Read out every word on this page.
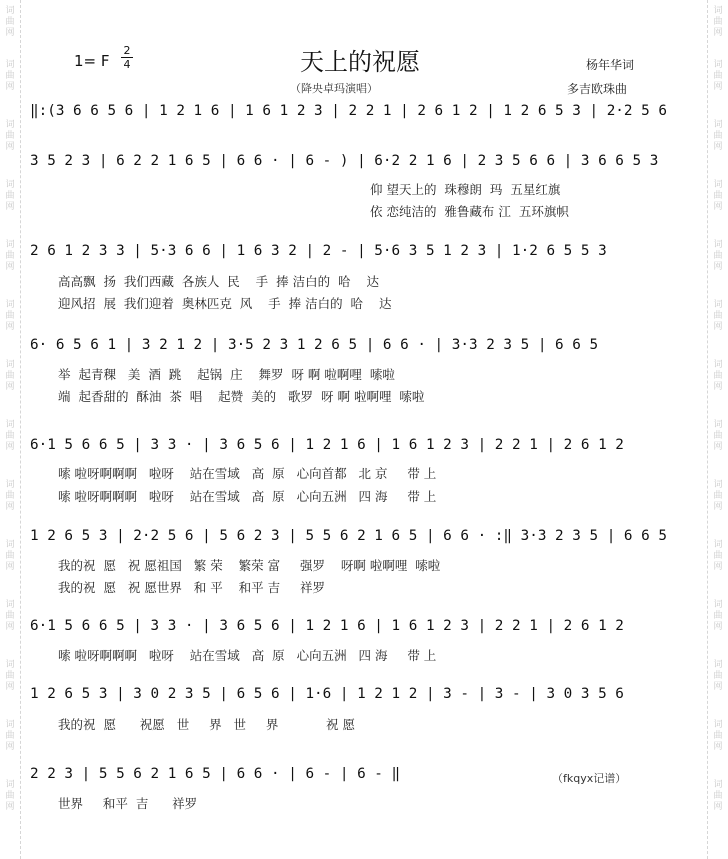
词
曲
网
词
曲
网
词
曲
网
词
曲
网
词
曲
网
词
曲
网
词
曲
网
词
曲
网
词
曲
网
词
曲
网
词
曲
网
词
曲
网
词
曲
网
词
曲
网
词
曲
网
词
曲
网
词
曲
网
词
曲
网
词
曲
网
词
曲
网
词
曲
网
词
曲
网
词
曲
网
词
曲
网
词
曲
网
词
曲
网
词
曲
网
词
曲
网
1= F
2
4	天上的祝愿
（降央卓玛演唱）
杨年华词
多吉欧珠曲
‖:(3 6 6 5 6 | 1 2 1 6 | 1 6 1 2 3 | 2 2 1 | 2 6 1 2 | 1 2 6 5 3 | 2·2 5 6
3 5 2 3 | 6 2 2 1 6 5 | 6 6 · | 6 - ) | 6·2 2 1 6 | 2 3 5 6 6 | 3 6 6 5 3
仰 望天上的  珠穆朗  玛  五星红旗
依 恋纯洁的  雅鲁藏布 江  五环旗帜
2 6 1 2 3 3 | 5·3 6 6 | 1 6 3 2 | 2 - | 5·6 3 5 1 2 3 | 1·2 6 5 5 3
高高飘  扬  我们西藏  各族人  民    手  捧 洁白的  哈    达
迎风招  展  我们迎着  奥林匹克  风    手  捧 洁白的  哈    达
6· 6 5 6 1 | 3 2 1 2 | 3·5 2 3 1 2 6 5 | 6 6 · | 3·3 2 3 5 | 6 6 5
举  起青稞   美  酒  跳    起锅  庄    舞罗  呀 啊 啦啊哩  嗦啦
端  起香甜的  酥油  茶  唱    起赞  美的   歌罗  呀 啊 啦啊哩  嗦啦
6·1 5 6 6 5 | 3 3 · | 3 6 5 6 | 1 2 1 6 | 1 6 1 2 3 | 2 2 1 | 2 6 1 2
嗦 啦呀啊啊啊   啦呀    站在雪域   高  原   心向首都   北 京     带 上
嗦 啦呀啊啊啊   啦呀    站在雪域   高  原   心向五洲   四 海     带 上
1 2 6 5 3 | 2·2 5 6 | 5 6 2 3 | 5 5 6 2 1 6 5 | 6 6 · :‖ 3·3 2 3 5 | 6 6 5
我的祝  愿   祝 愿祖国   繁 荣    繁荣 富     强罗    呀啊 啦啊哩  嗦啦
我的祝  愿   祝 愿世界   和 平    和平 吉     祥罗
6·1 5 6 6 5 | 3 3 · | 3 6 5 6 | 1 2 1 6 | 1 6 1 2 3 | 2 2 1 | 2 6 1 2
嗦 啦呀啊啊啊   啦呀    站在雪域   高  原   心向五洲   四 海     带 上
1 2 6 5 3 | 3 0 2 3 5 | 6 5 6 | 1·6 | 1 2 1 2 | 3 - | 3 - | 3 0 3 5 6
我的祝  愿      祝愿   世     界   世     界            祝 愿
2 2 3 | 5 5 6 2 1 6 5 | 6 6 · | 6 - | 6 - ‖
世界     和平  吉      祥罗
（fkqyx记谱）
